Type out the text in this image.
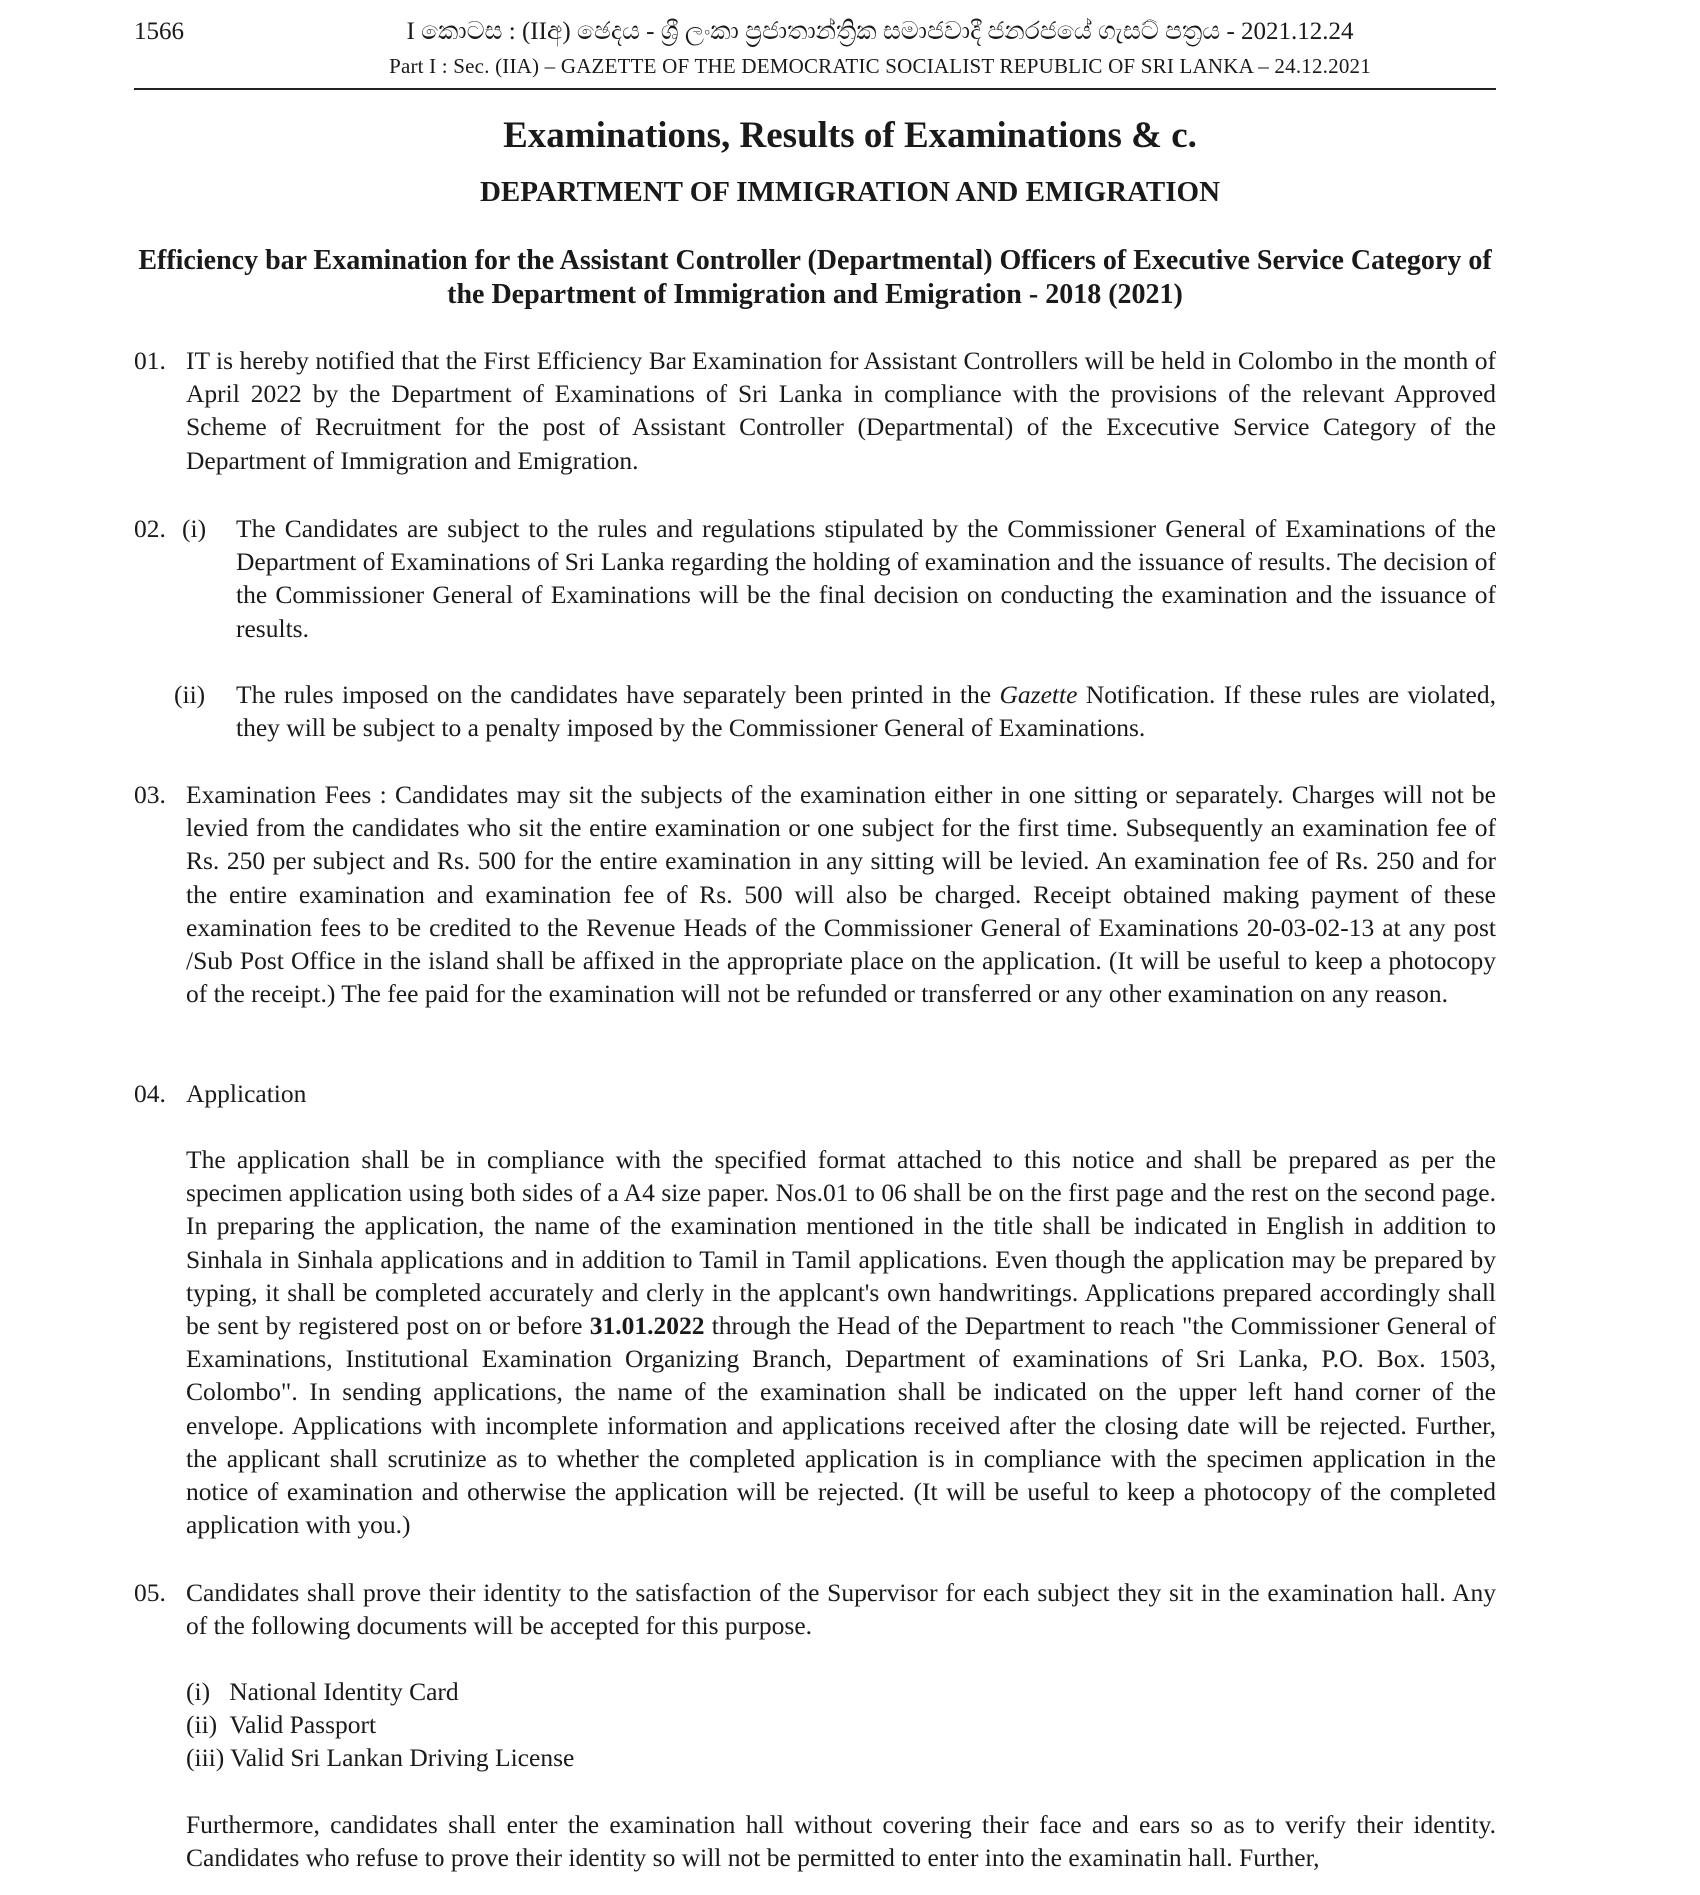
1566	I කොටස : (IIඅ) ඡෙදය - ශ්‍රී ලංකා ප්‍රජාතාන්ත්‍රික සමාජවාදී ජනරජයේ ගැසට් පත්‍රය - 2021.12.24
Part I : Sec. (IIA) – GAZETTE OF THE DEMOCRATIC SOCIALIST REPUBLIC OF SRI LANKA – 24.12.2021
Examinations, Results of Examinations & c.
DEPARTMENT OF IMMIGRATION AND EMIGRATION
Efficiency bar Examination for the Assistant Controller (Departmental) Officers of Executive Service Category of the Department of Immigration and Emigration - 2018 (2021)
01. IT is hereby notified that the First Efficiency Bar Examination for Assistant Controllers will be held in Colombo in the month of April 2022 by the Department of Examinations of Sri Lanka in compliance with the provisions of the relevant Approved Scheme of Recruitment for the post of Assistant Controller (Departmental) of the Excecutive Service Category of the Department of Immigration and Emigration.
02. (i) The Candidates are subject to the rules and regulations stipulated by the Commissioner General of Examinations of the Department of Examinations of Sri Lanka regarding the holding of examination and the issuance of results. The decision of the Commissioner General of Examinations will be the final decision on conducting the examination and the issuance of results.
(ii) The rules imposed on the candidates have separately been printed in the Gazette Notification. If these rules are violated, they will be subject to a penalty imposed by the Commissioner General of Examinations.
03. Examination Fees : Candidates may sit the subjects of the examination either in one sitting or separately. Charges will not be levied from the candidates who sit the entire examination or one subject for the first time. Subsequently an examination fee of Rs. 250 per subject and Rs. 500 for the entire examination in any sitting will be levied. An examination fee of Rs. 250 and for the entire examination and examination fee of Rs. 500 will also be charged. Receipt obtained making payment of these examination fees to be credited to the Revenue Heads of the Commissioner General of Examinations 20-03-02-13 at any post /Sub Post Office in the island shall be affixed in the appropriate place on the application. (It will be useful to keep a photocopy of the receipt.) The fee paid for the examination will not be refunded or transferred or any other examination on any reason.
04. Application
The application shall be in compliance with the specified format attached to this notice and shall be prepared as per the specimen application using both sides of a A4 size paper. Nos.01 to 06 shall be on the first page and the rest on the second page. In preparing the application, the name of the examination mentioned in the title shall be indicated in English in addition to Sinhala in Sinhala applications and in addition to Tamil in Tamil applications. Even though the application may be prepared by typing, it shall be completed accurately and clerly in the applcant's own handwritings. Applications prepared accordingly shall be sent by registered post on or before 31.01.2022 through the Head of the Department to reach "the Commissioner General of Examinations, Institutional Examination Organizing Branch, Department of examinations of Sri Lanka, P.O. Box. 1503, Colombo". In sending applications, the name of the examination shall be indicated on the upper left hand corner of the envelope. Applications with incomplete information and applications received after the closing date will be rejected. Further, the applicant shall scrutinize as to whether the completed application is in compliance with the specimen application in the notice of examination and otherwise the application will be rejected. (It will be useful to keep a photocopy of the completed application with you.)
05. Candidates shall prove their identity to the satisfaction of the Supervisor for each subject they sit in the examination hall. Any of the following documents will be accepted for this purpose.
(i)   National Identity Card
(ii)  Valid Passport
(iii) Valid Sri Lankan Driving License
Furthermore, candidates shall enter the examination hall without covering their face and ears so as to verify their identity. Candidates who refuse to prove their identity so will not be permitted to enter into the examinatin hall. Further,
